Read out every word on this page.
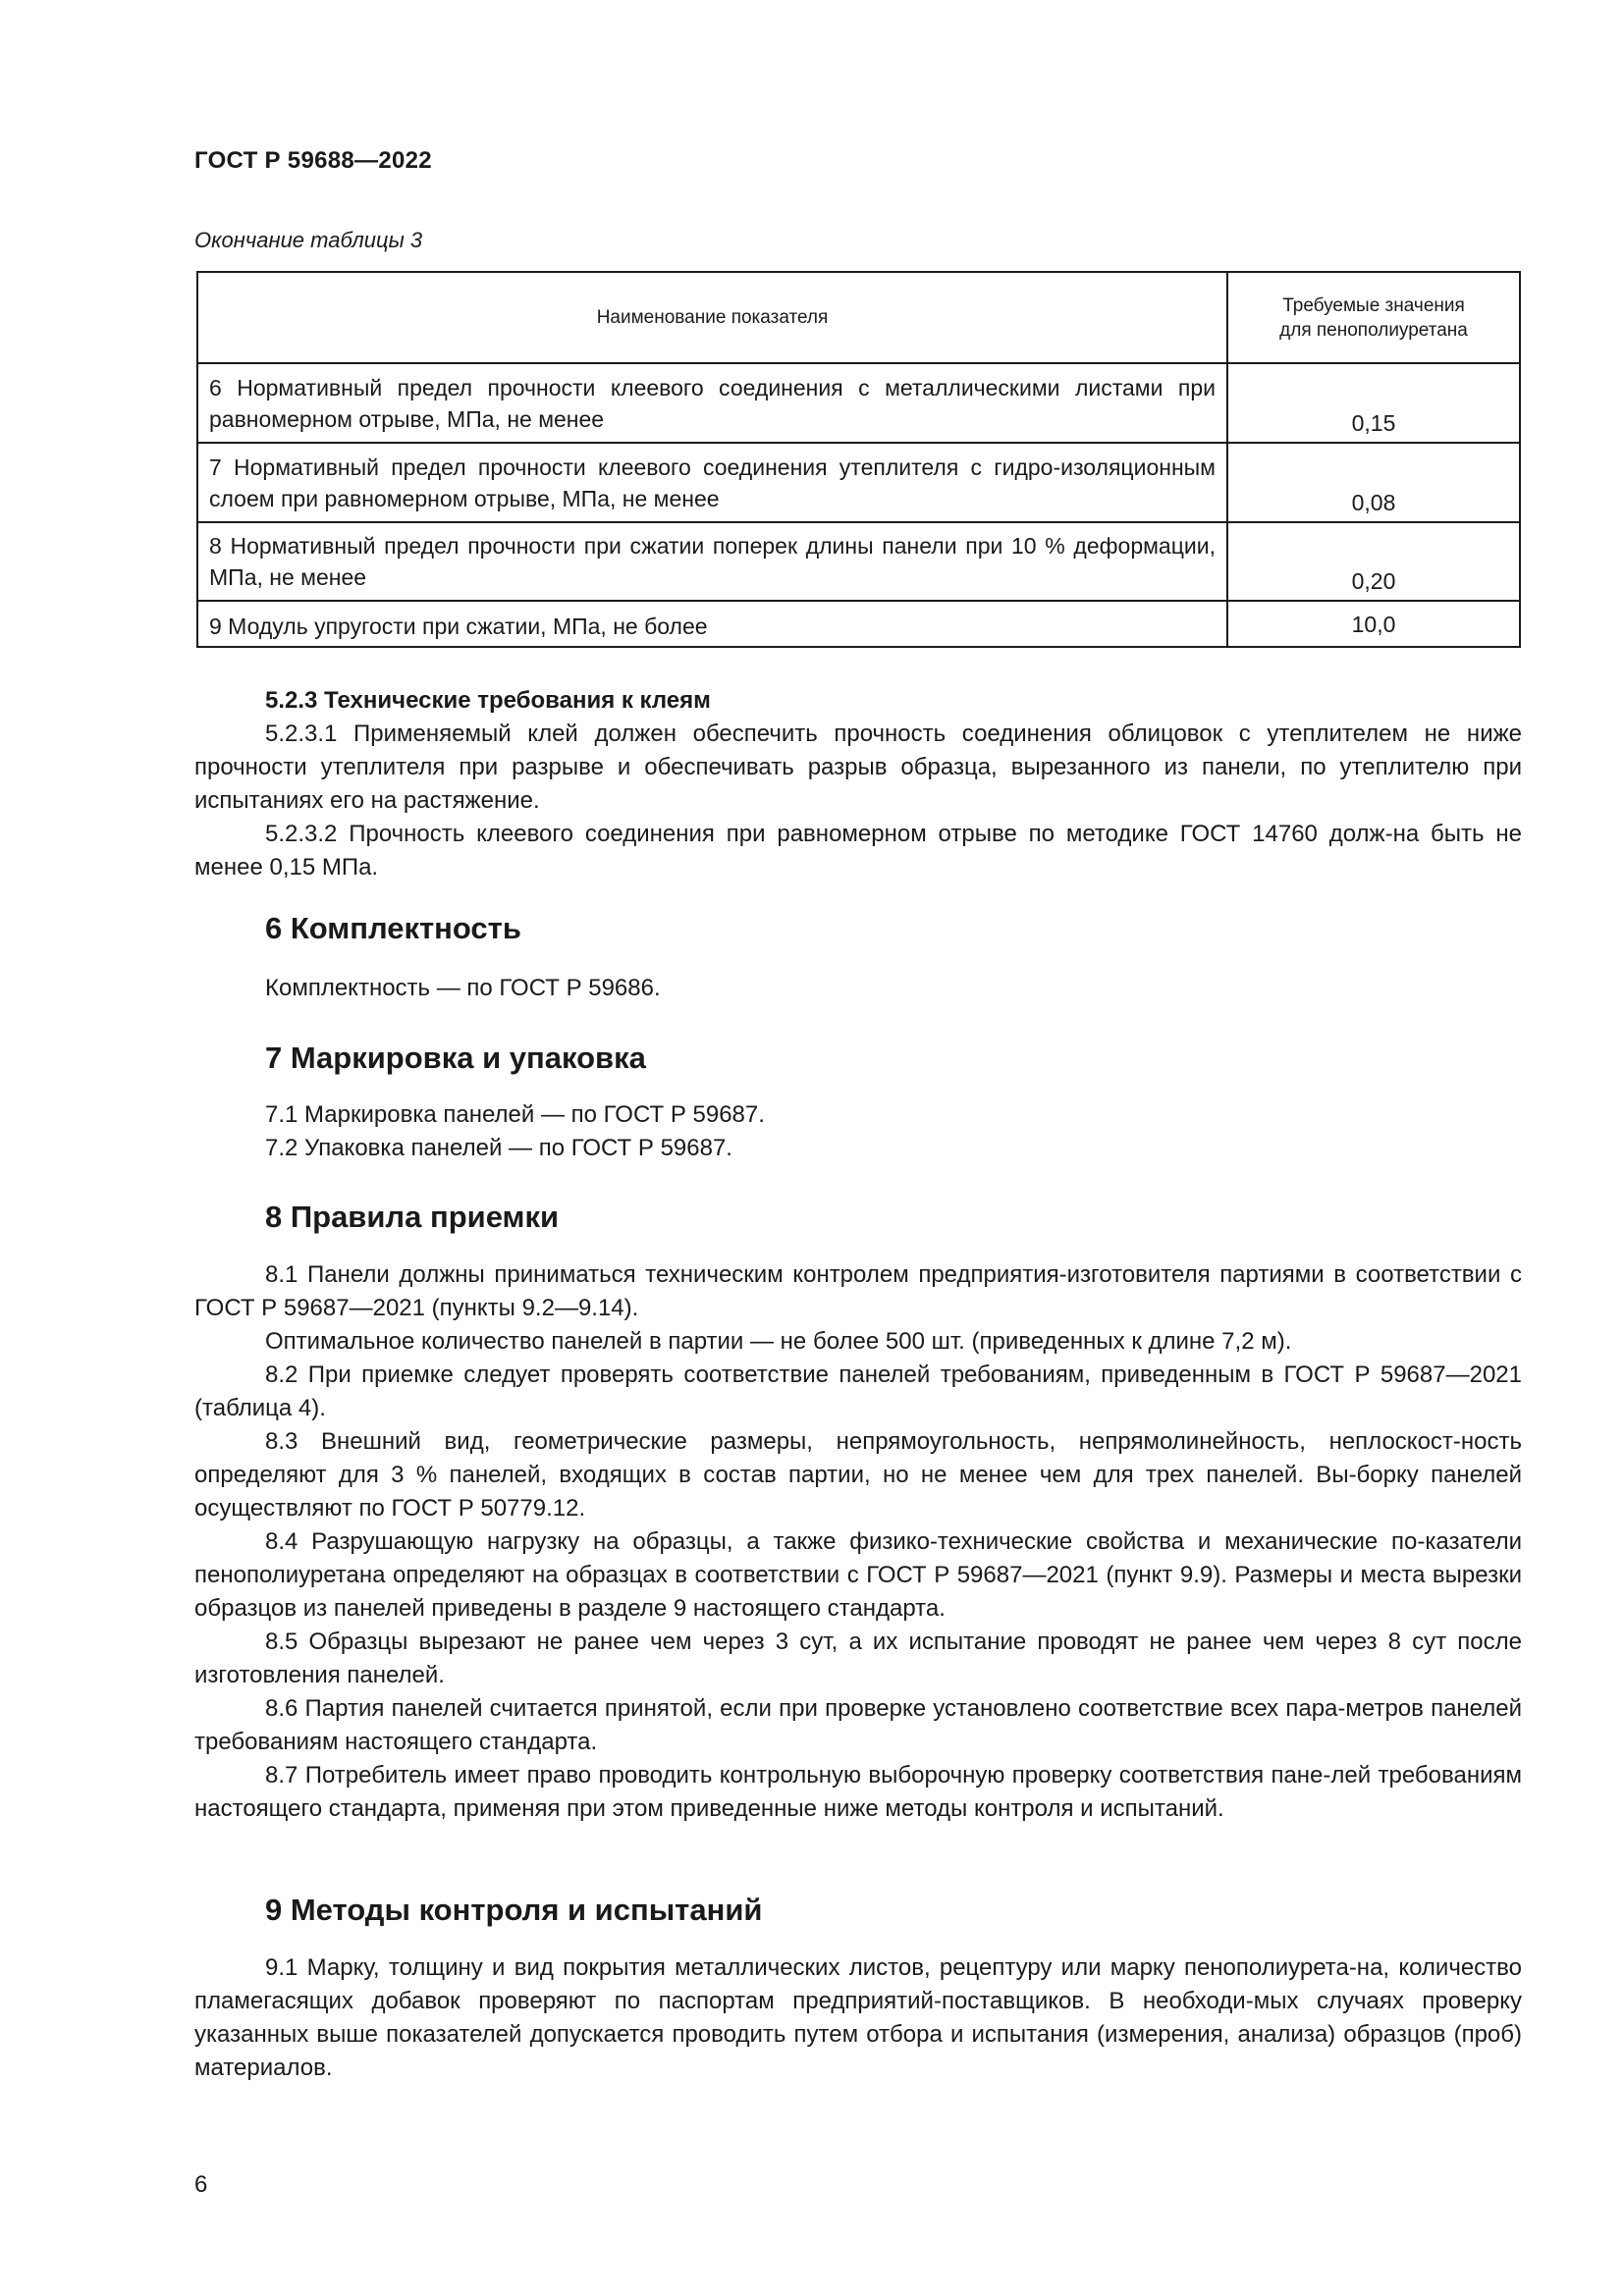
ГОСТ Р 59688—2022
Окончание таблицы 3
Наименование показателя	Требуемые значения
для пенополиуретана

6 Нормативный предел прочности клеевого соединения с металлическими листами при равномерном отрыве, МПа, не менее	0,15
7 Нормативный предел прочности клеевого соединения утеплителя с гидро-изоляционным слоем при равномерном отрыве, МПа, не менее	0,08
8 Нормативный предел прочности при сжатии поперек длины панели при 10 % деформации, МПа, не менее	0,20
9 Модуль упругости при сжатии, МПа, не более	10,0

5.2.3 Технические требования к клеям

5.2.3.1 Применяемый клей должен обеспечить прочность соединения облицовок с утеплителем не ниже прочности утеплителя при разрыве и обеспечивать разрыв образца, вырезанного из панели, по утеплителю при испытаниях его на растяжение.

5.2.3.2 Прочность клеевого соединения при равномерном отрыве по методике ГОСТ 14760 долж-на быть не менее 0,15 МПа.

6 Комплектность

Комплектность — по ГОСТ Р 59686.

7 Маркировка и упаковка

7.1 Маркировка панелей — по ГОСТ Р 59687.

7.2 Упаковка панелей — по ГОСТ Р 59687.

8 Правила приемки

8.1 Панели должны приниматься техническим контролем предприятия-изготовителя партиями в соответствии с ГОСТ Р 59687—2021 (пункты 9.2—9.14).

Оптимальное количество панелей в партии — не более 500 шт. (приведенных к длине 7,2 м).

8.2 При приемке следует проверять соответствие панелей требованиям, приведенным в ГОСТ Р 59687—2021 (таблица 4).

8.3 Внешний вид, геометрические размеры, непрямоугольность, непрямолинейность, неплоскост-ность определяют для 3 % панелей, входящих в состав партии, но не менее чем для трех панелей. Вы-борку панелей осуществляют по ГОСТ Р 50779.12.

8.4 Разрушающую нагрузку на образцы, а также физико-технические свойства и механические по-казатели пенополиуретана определяют на образцах в соответствии с ГОСТ Р 59687—2021 (пункт 9.9). Размеры и места вырезки образцов из панелей приведены в разделе 9 настоящего стандарта.

8.5 Образцы вырезают не ранее чем через 3 сут, а их испытание проводят не ранее чем через 8 сут после изготовления панелей.

8.6 Партия панелей считается принятой, если при проверке установлено соответствие всех пара-метров панелей требованиям настоящего стандарта.

8.7 Потребитель имеет право проводить контрольную выборочную проверку соответствия пане-лей требованиям настоящего стандарта, применяя при этом приведенные ниже методы контроля и испытаний.

9 Методы контроля и испытаний

9.1 Марку, толщину и вид покрытия металлических листов, рецептуру или марку пенополиурета-на, количество пламегасящих добавок проверяют по паспортам предприятий-поставщиков. В необходи-мых случаях проверку указанных выше показателей допускается проводить путем отбора и испытания (измерения, анализа) образцов (проб) материалов.

6
